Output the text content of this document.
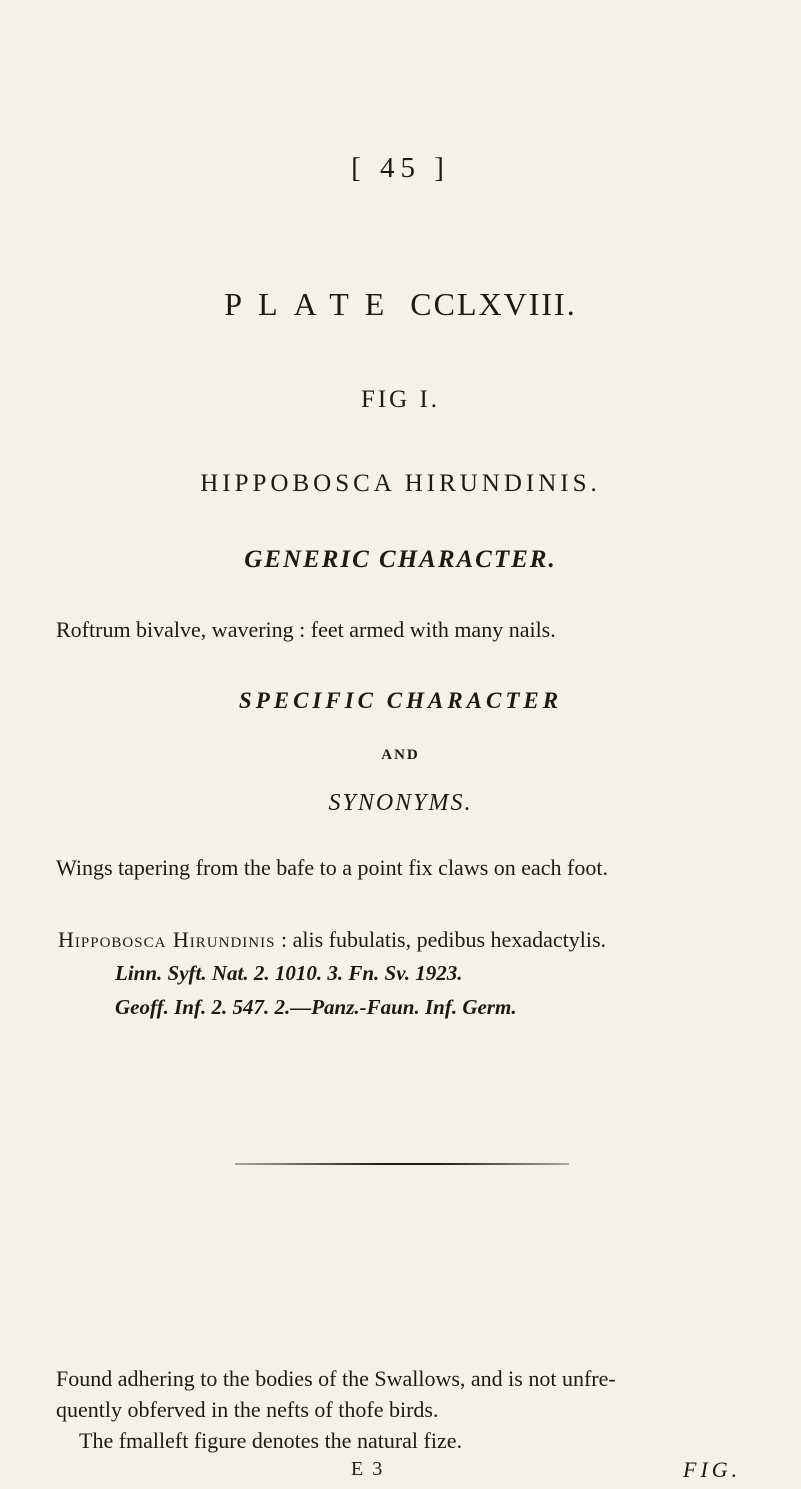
[ 45 ]
PLATE CCLXVIII.
FIG I.
HIPPOBOSCA HIRUNDINIS.
GENERIC CHARACTER.
Roftrum bivalve, wavering : feet armed with many nails.
SPECIFIC CHARACTER
AND
SYNONYMS.
Wings tapering from the bafe to a point fix claws on each foot.
Hippobosca Hirundinis : alis fubulatis, pedibus hexadactylis.
Linn. Syft. Nat. 2. 1010. 3. Fn. Sv. 1923.
Geoff. Inf. 2. 547. 2.—Panz.-Faun. Inf. Germ.
Found adhering to the bodies of the Swallows, and is not unfre-
quently obferved in the nefts of thofe birds.
The fmalleft figure denotes the natural fize.
E 3	FIG.
